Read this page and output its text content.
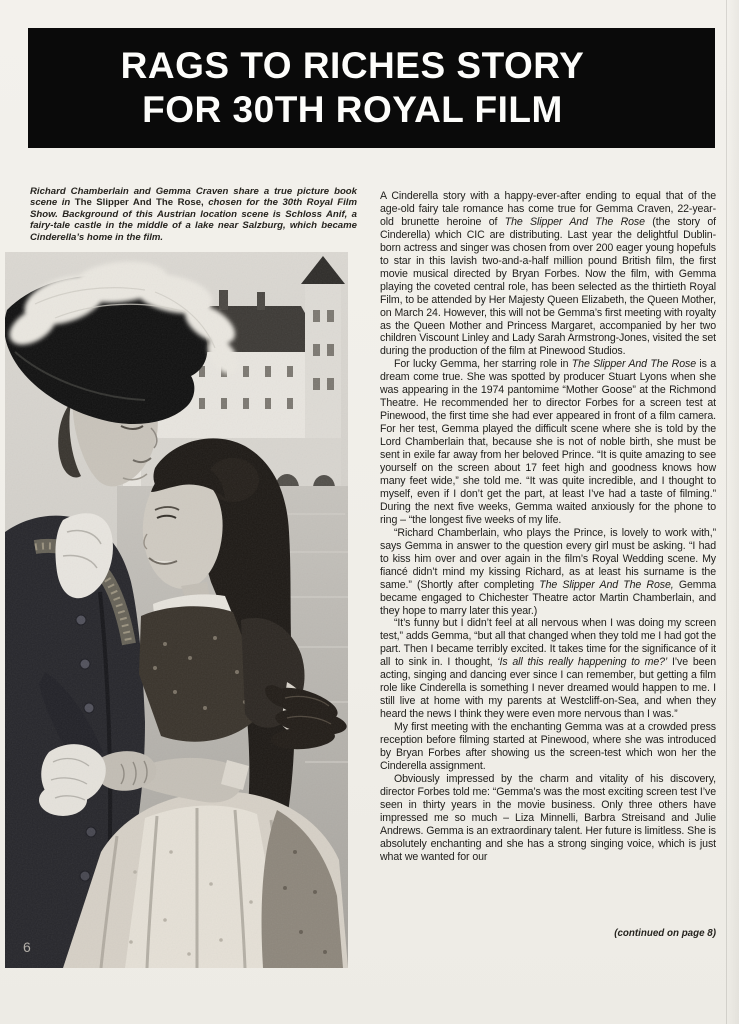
RAGS TO RICHES STORY
FOR 30TH ROYAL FILM

Richard Chamberlain and Gemma Craven share a true picture book scene in The Slipper And The Rose, chosen for the 30th Royal Film Show. Background of this Austrian location scene is Schloss Anif, a fairy-tale castle in the middle of a lake near Salzburg, which became Cinderella’s home in the film.

A Cinderella story with a happy-ever-after ending to equal that of the age-old fairy tale romance has come true for Gemma Craven, 22-year-old brunette heroine of The Slipper And The Rose (the story of Cinderella) which CIC are distributing. Last year the delightful Dublin-born actress and singer was chosen from over 200 eager young hopefuls to star in this lavish two-and-a-half million pound British film, the first movie musical directed by Bryan Forbes. Now the film, with Gemma playing the coveted central role, has been selected as the thirtieth Royal Film, to be attended by Her Majesty Queen Elizabeth, the Queen Mother, on March 24. However, this will not be Gemma’s first meeting with royalty as the Queen Mother and Princess Margaret, accompanied by her two children Viscount Linley and Lady Sarah Armstrong-Jones, visited the set during the production of the film at Pinewood Studios.

For lucky Gemma, her starring role in The Slipper And The Rose is a dream come true. She was spotted by producer Stuart Lyons when she was appearing in the 1974 pantomime “Mother Goose” at the Richmond Theatre. He recommended her to director Forbes for a screen test at Pinewood, the first time she had ever appeared in front of a film camera. For her test, Gemma played the difficult scene where she is told by the Lord Chamberlain that, because she is not of noble birth, she must be sent in exile far away from her beloved Prince. “It is quite amazing to see yourself on the screen about 17 feet high and goodness knows how many feet wide,” she told me. “It was quite incredible, and I thought to myself, even if I don’t get the part, at least I’ve had a taste of filming.” During the next five weeks, Gemma waited anxiously for the phone to ring – “the longest five weeks of my life.

“Richard Chamberlain, who plays the Prince, is lovely to work with,” says Gemma in answer to the question every girl must be asking. “I had to kiss him over and over again in the film’s Royal Wedding scene. My fiancé didn’t mind my kissing Richard, as at least his surname is the same.” (Shortly after completing The Slipper And The Rose, Gemma became engaged to Chichester Theatre actor Martin Chamberlain, and they hope to marry later this year.)

“It’s funny but I didn’t feel at all nervous when I was doing my screen test,” adds Gemma, “but all that changed when they told me I had got the part. Then I became terribly excited. It takes time for the significance of it all to sink in. I thought, ‘Is all this really happening to me?’ I’ve been acting, singing and dancing ever since I can remember, but getting a film role like Cinderella is something I never dreamed would happen to me. I still live at home with my parents at Westcliff-on-Sea, and when they heard the news I think they were even more nervous than I was.”

My first meeting with the enchanting Gemma was at a crowded press reception before filming started at Pinewood, where she was introduced by Bryan Forbes after showing us the screen-test which won her the Cinderella assignment.

Obviously impressed by the charm and vitality of his discovery, director Forbes told me: “Gemma’s was the most exciting screen test I’ve seen in thirty years in the movie business. Only three others have impressed me so much – Liza Minnelli, Barbra Streisand and Julie Andrews. Gemma is an extraordinary talent. Her future is limitless. She is absolutely enchanting and she has a strong singing voice, which is just what we wanted for our

(continued on page 8)
